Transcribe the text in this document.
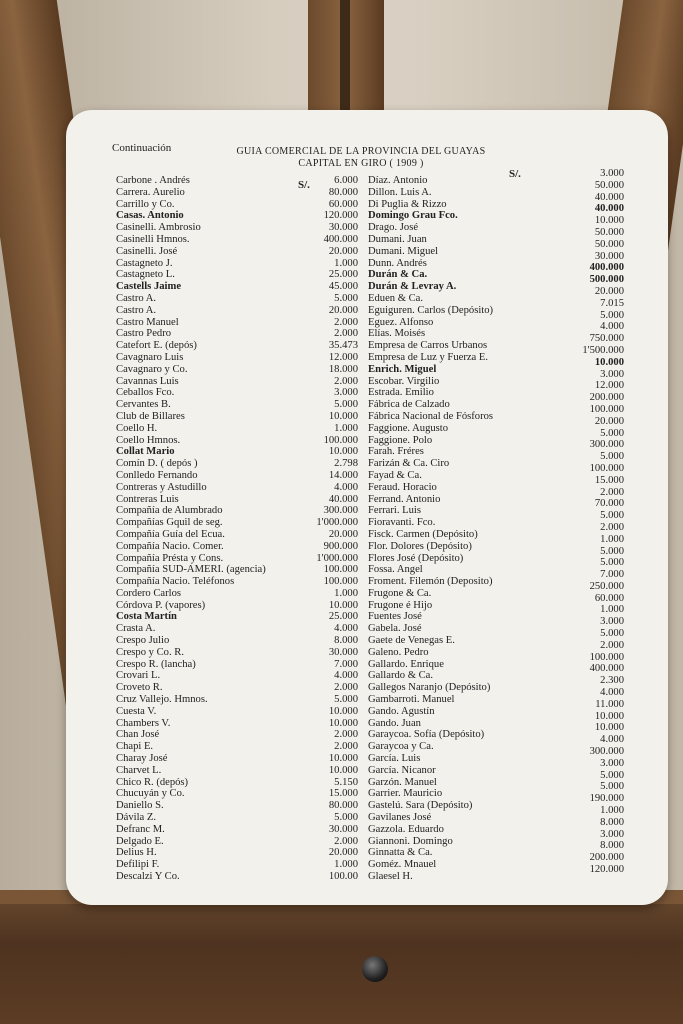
Continuación	GUIA COMERCIAL DE LA PROVINCIA DEL GUAYAS
CAPITAL EN GIRO ( 1909 )
S/.
S/.
Carbone . Andrés
Carrera. Aurelio
Carrillo y Co.
Casas. Antonio
Casinelli. Ambrosio
Casinelli Hmnos.
Casinelli. José
Castagneto J.
Castagneto L.
Castells Jaime
Castro A.
Castro A.
Castro Manuel
Castro Pedro
Catefort E. (depós)
Cavagnaro Luis
Cavagnaro y Co.
Cavannas Luis
Ceballos Fco.
Cervantes B.
Club de Billares
Coello H.
Coello Hmnos.
Collat Mario
Comín D. ( depós )
Conlledo Fernando
Contreras y Astudillo
Contreras Luis
Compañía de Alumbrado
Compañías Gquil de seg.
Compañía Guía del Ecua.
Compañía Nacio. Comer.
Compañía Préstа y Cons.
Compañía SUD-AMERI. (agencia)
Compañía Nacio. Teléfonos
Cordero Carlos
Córdova P. (vapores)
Costa Martín
Crasta A.
Crespo Julio
Crespo y Co. R.
Crespo R. (lancha)
Crovari L.
Croveto R.
Cruz Vallejo. Hmnos.
Cuesta V.
Chambers V.
Chan José
Chapi E.
Charay José
Charvet L.
Chico R. (depós)
Chucuyán y Co.
Daniello S.
Dávila Z.
Defranc M.
Delgado E.
Delius H.
Defilipi F.
Descalzi Y Co.
6.000
80.000
60.000
120.000
30.000
400.000
20.000
1.000
25.000
45.000
5.000
20.000
2.000
2.000
35.473
12.000
18.000
2.000
3.000
5.000
10.000
1.000
100.000
10.000
2.798
14.000
4.000
40.000
300.000
1'000.000
20.000
900.000
1'000.000
100.000
100.000
1.000
10.000
25.000
4.000
8.000
30.000
7.000
4.000
2.000
5.000
10.000
10.000
2.000
2.000
10.000
10.000
5.150
15.000
80.000
5.000
30.000
2.000
20.000
1.000
100.00
Díaz. Antonio
Dillon. Luis A.
Di Puglia & Rizzo
Domingo Grau Fco.
Drago. José
Dumani. Juan
Dumani. Miguel
Dunn. Andrés
Durán & Ca.
Durán & Levray A.
Eduen & Ca.
Eguiguren. Carlos (Depósito)
Eguez. Alfonso
Elías. Moisés
Empresa de Carros Urbanos
Empresa de Luz y Fuerza E.
Enrich. Miguel
Escobar. Virgilio
Estrada. Emilio
Fábrica de Calzado
Fábrica Nacional de Fósforos
Faggione. Augusto
Faggione. Polo
Farah. Fréres
Farizán & Ca. Ciro
Fayad & Ca.
Feraud. Horacio
Ferrand. Antonio
Ferrari. Luis
Fioravanti. Fco.
Fisck. Carmen (Depósito)
Flor. Dolores (Depósito)
Flores José (Depósito)
Fossa. Angel
Froment. Filemón (Deposito)
Frugone & Ca.
Frugone é Hijo
Fuentes José
Gabela. José
Gaete de Venegas E.
Galeno. Pedro
Gallardo. Enrique
Gallardo & Ca.
Gallegos Naranjo (Depósito)
Gambarroti. Manuel
Gando. Agustín
Gando. Juan
Garaycoa. Sofía (Depósito)
Garaycoa y Ca.
García. Luis
García. Nicanor
Garzón. Manuel
Garrier. Mauricio
Gastelú. Sara (Depósito)
Gavilanes José
Gazzola. Eduardo
Giannoni. Domingo
Ginnatta & Ca.
Goméz. Mnauel
Glaesel H.
3.000
50.000
40.000
40.000
10.000
50.000
50.000
30.000
400.000
500.000
20.000
7.015
5.000
4.000
750.000
1'500.000
10.000
3.000
12.000
200.000
100.000
20.000
5.000
300.000
5.000
100.000
15.000
2.000
70.000
5.000
2.000
1.000
5.000
5.000
7.000
250.000
60.000
1.000
3.000
5.000
2.000
100.000
400.000
2.300
4.000
11.000
10.000
10.000
4.000
300.000
3.000
5.000
5.000
190.000
1.000
8.000
3.000
8.000
200.000
120.000
